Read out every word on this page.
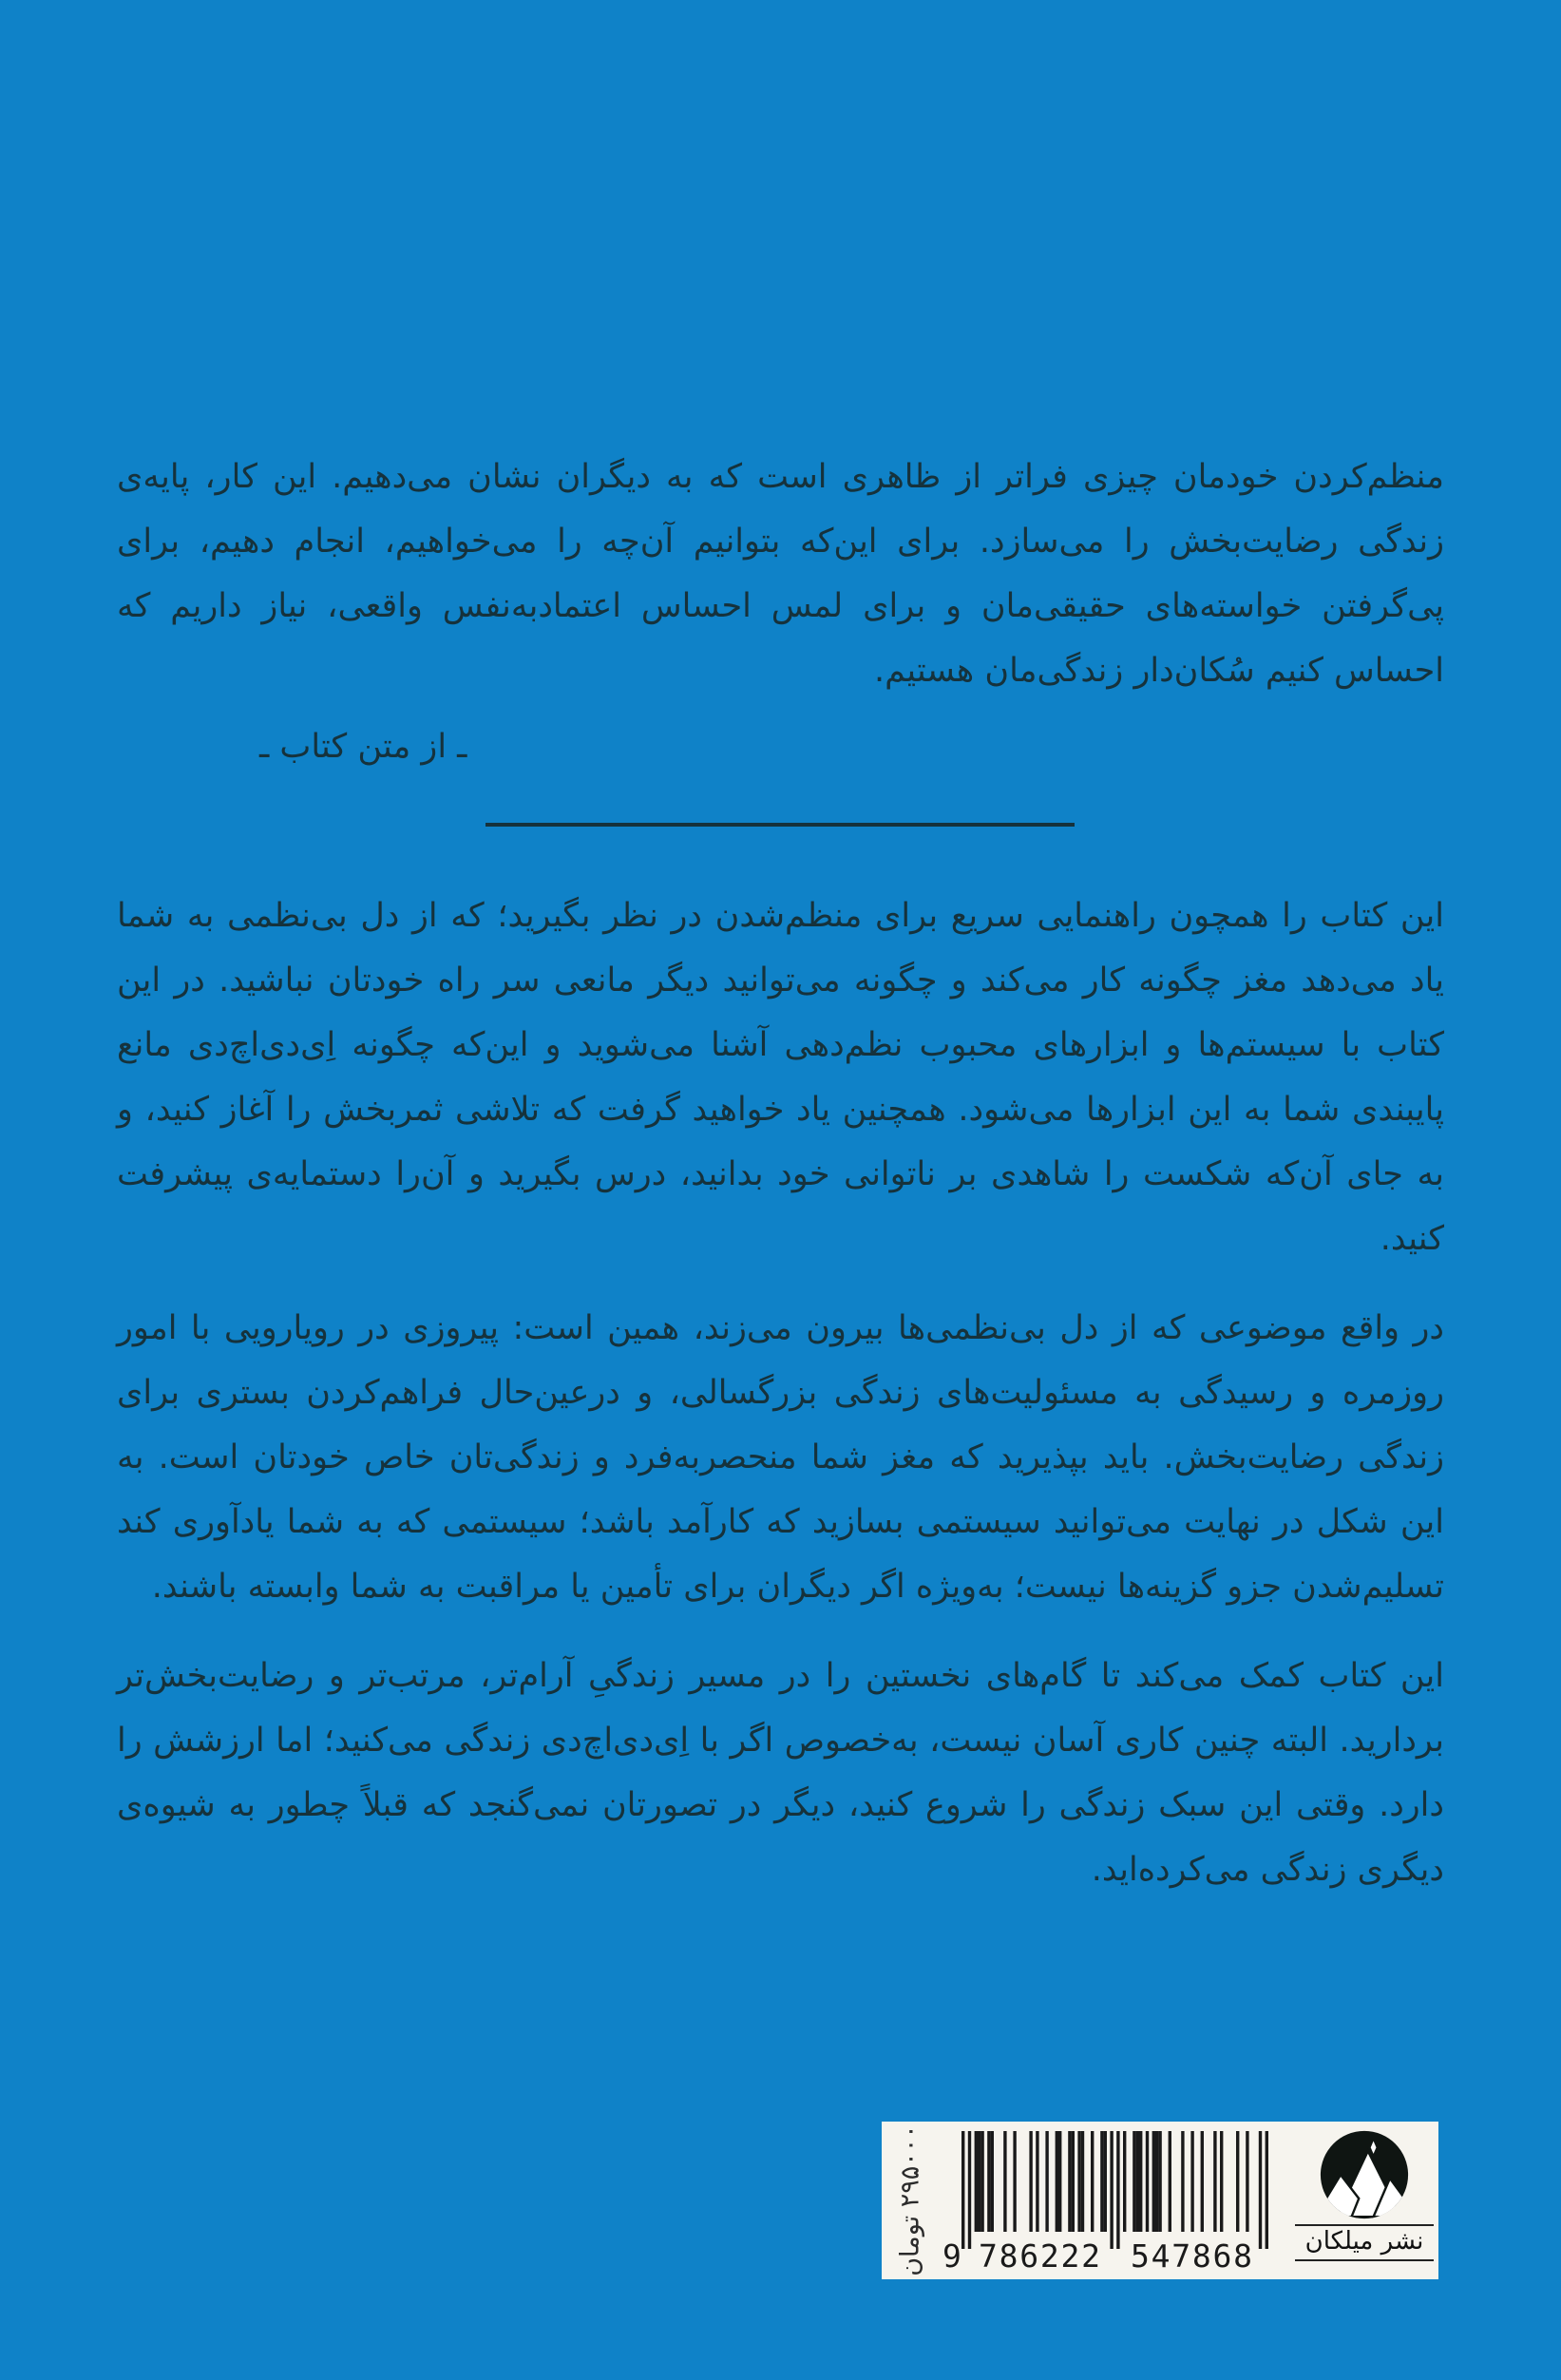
منظم‌کردن خودمان چیزی فراتر از ظاهری است که به دیگران نشان می‌دهیم. این کار، پایه‌ی زندگی رضایت‌بخش را می‌سازد. برای این‌که بتوانیم آن‌چه را می‌خواهیم، انجام دهیم، برای پی‌گرفتن خواسته‌های حقیقی‌مان و برای لمس احساس اعتمادبه‌نفس واقعی، نیاز داریم که احساس کنیم سُکان‌دار زندگی‌مان هستیم.

ـ از متن کتاب ـ

این کتاب را همچون راهنمایی سریع برای منظم‌شدن در نظر بگیرید؛ که از دل بی‌نظمی به شما یاد می‌دهد مغز چگونه کار می‌کند و چگونه می‌توانید دیگر مانعی سر راه خودتان نباشید. در این کتاب با سیستم‌ها و ابزارهای محبوب نظم‌دهی آشنا می‌شوید و این‌که چگونه اِی‌دی‌اچ‌دی مانع پایبندی شما به این ابزارها می‌شود. همچنین یاد خواهید گرفت که تلاشی ثمربخش را آغاز کنید، و به جای آن‌که شکست را شاهدی بر ناتوانی خود بدانید، درس بگیرید و آن‌را دستمایه‌ی پیشرفت کنید.

در واقع موضوعی که از دل بی‌نظمی‌ها بیرون می‌زند، همین است: پیروزی در رویارویی با امور روزمره و رسیدگی به مسئولیت‌های زندگی بزرگسالی، و درعین‌حال فراهم‌کردن بستری برای زندگی رضایت‌بخش. باید بپذیرید که مغز شما منحصربه‌فرد و زندگی‌تان خاص خودتان است. به این شکل در نهایت می‌توانید سیستمی بسازید که کارآمد باشد؛ سیستمی که به شما یادآوری کند تسلیم‌شدن جزو گزینه‌ها نیست؛ به‌ویژه اگر دیگران برای تأمین یا مراقبت به شما وابسته باشند.

این کتاب کمک می‌کند تا گام‌های نخستین را در مسیر زندگیِ آرام‌تر، مرتب‌تر و رضایت‌بخش‌تر بردارید. البته چنین کاری آسان نیست، به‌خصوص اگر با اِی‌دی‌اچ‌دی زندگی می‌کنید؛ اما ارزشش را دارد. وقتی این سبک زندگی را شروع کنید، دیگر در تصورتان نمی‌گنجد که قبلاً چطور به شیوه‌ی دیگری زندگی می‌کرده‌اید.

۲۹۵۰۰۰ تومان
9 786222 547868	نشر میلکان
